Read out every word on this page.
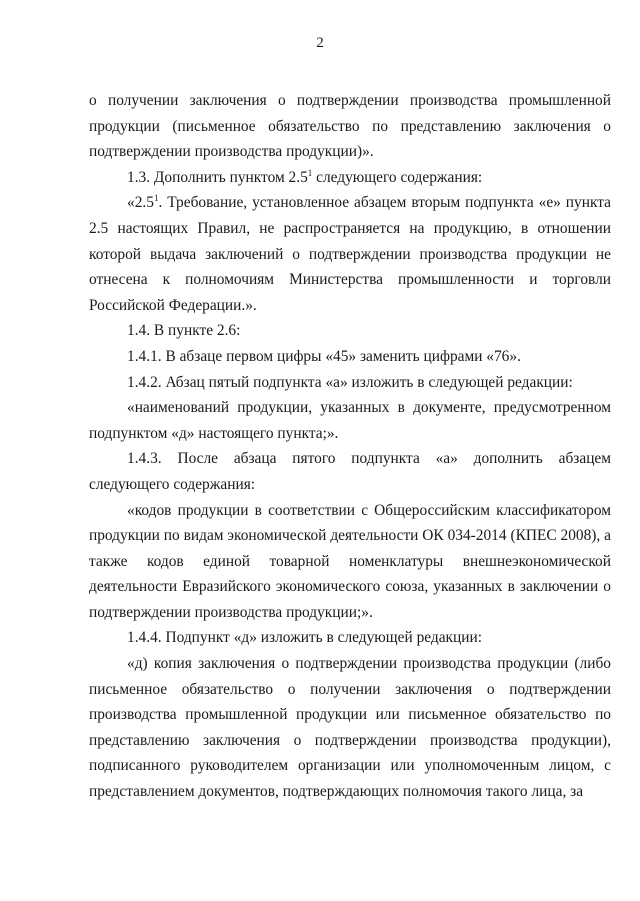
2

о получении заключения о подтверждении производства промышленной продукции (письменное обязательство по представлению заключения о подтверждении производства продукции)».

1.3. Дополнить пунктом $2.5^1$ следующего содержания:

«$2.5^1$. Требование, установленное абзацем вторым подпункта «е» пункта 2.5 настоящих Правил, не распространяется на продукцию, в отношении которой выдача заключений о подтверждении производства продукции не отнесена к полномочиям Министерства промышленности и торговли Российской Федерации.».

1.4. В пункте 2.6:

1.4.1. В абзаце первом цифры «45» заменить цифрами «76».

1.4.2. Абзац пятый подпункта «а» изложить в следующей редакции:

«наименований продукции, указанных в документе, предусмотренном подпунктом «д» настоящего пункта;».

1.4.3. После абзаца пятого подпункта «а» дополнить абзацем следующего содержания:

«кодов продукции в соответствии с Общероссийским классификатором продукции по видам экономической деятельности ОК 034-2014 (КПЕС 2008), а также кодов единой товарной номенклатуры внешнеэкономической деятельности Евразийского экономического союза, указанных в заключении о подтверждении производства продукции;».

1.4.4. Подпункт «д» изложить в следующей редакции:

«д) копия заключения о подтверждении производства продукции (либо письменное обязательство о получении заключения о подтверждении производства промышленной продукции или письменное обязательство по представлению заключения о подтверждении производства продукции), подписанного руководителем организации или уполномоченным лицом, с представлением документов, подтверждающих полномочия такого лица, за
